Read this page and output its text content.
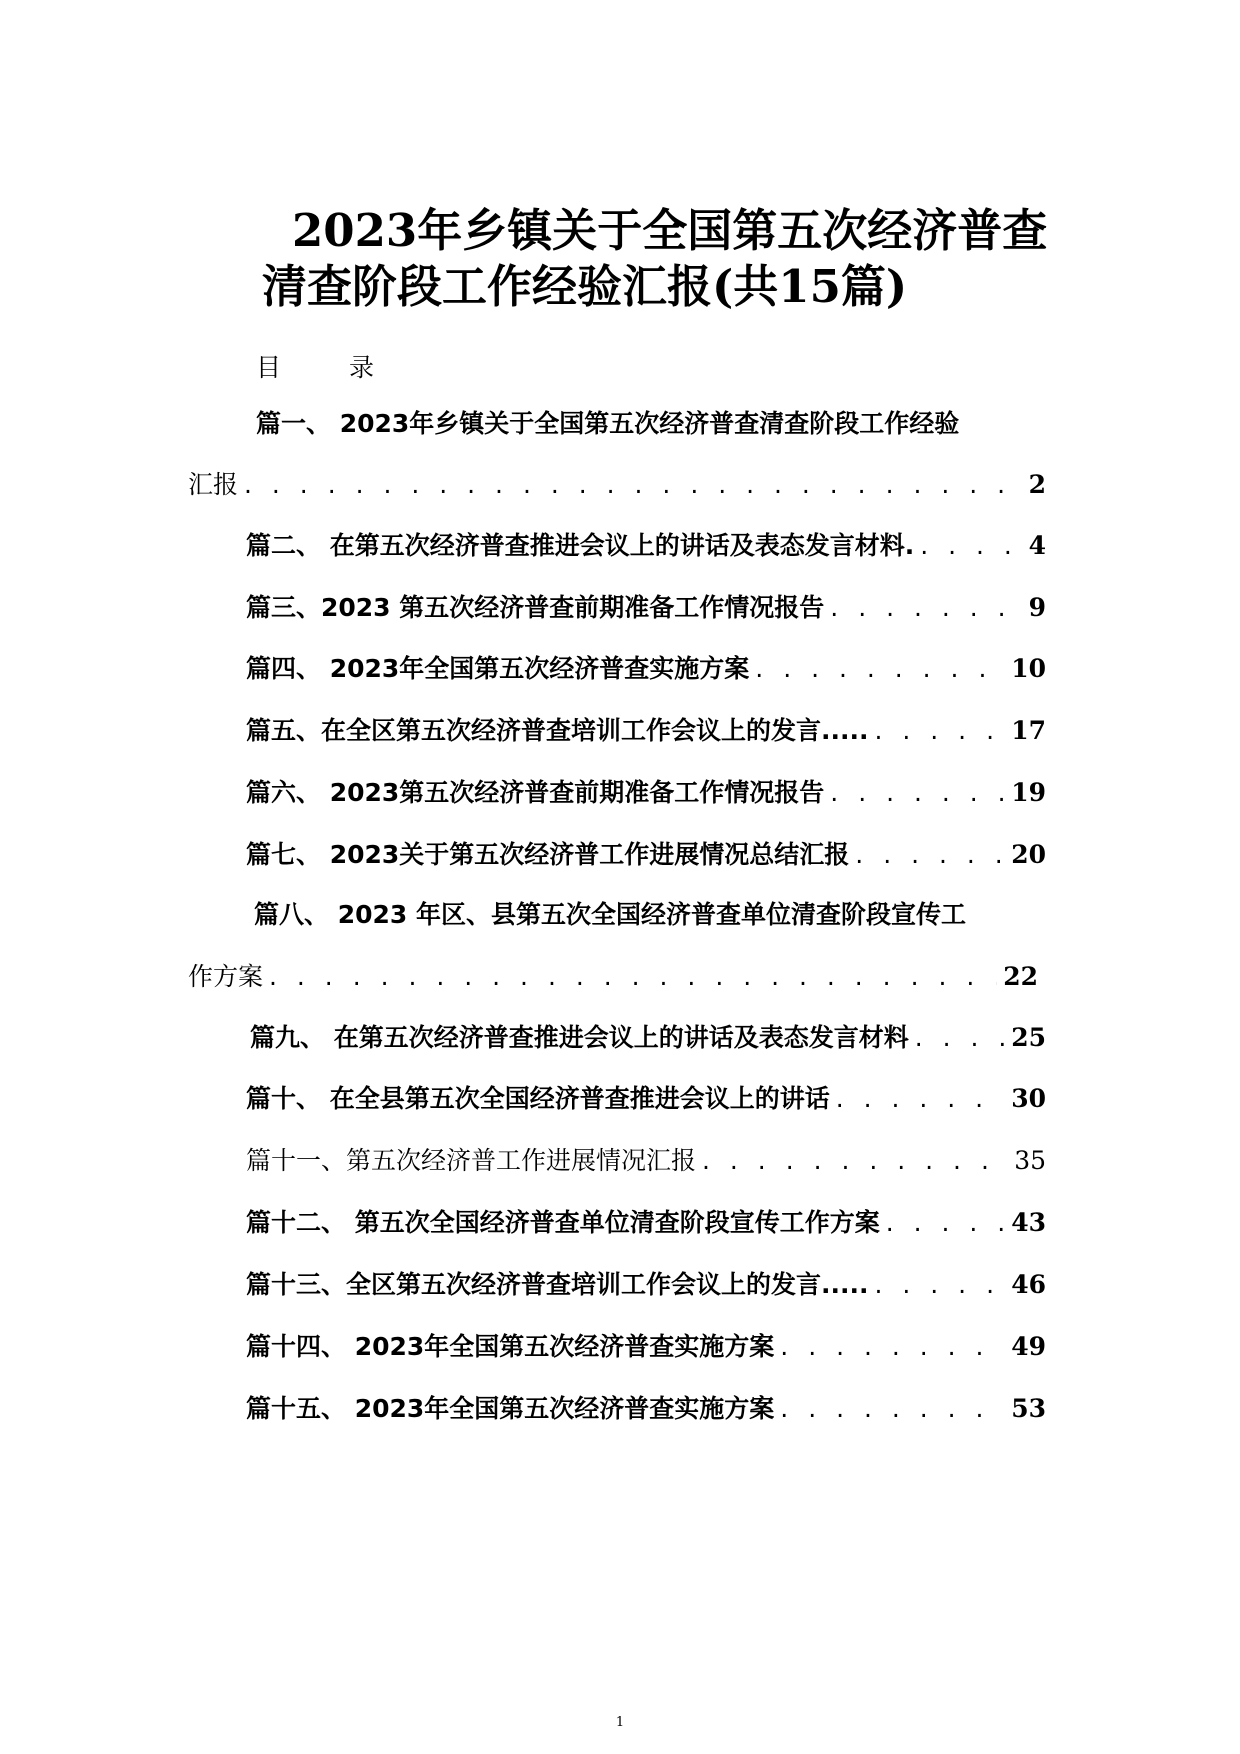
2023年乡镇关于全国第五次经济普查
清查阶段工作经验汇报(共15篇)
目 录
篇一、 2023年乡镇关于全国第五次经济普查清查阶段工作经验
汇报 . . .	2
篇二、 在第五次经济普查推进会议上的讲话及表态发言材料. . . .	4
篇三、2023 第五次经济普查前期准备工作情况报告 . . .	9
篇四、 2023年全国第五次经济普查实施方案 . . .	10
篇五、在全区第五次经济普查培训工作会议上的发言..... . . .	17
篇六、 2023第五次经济普查前期准备工作情况报告 . . .	19
篇七、 2023关于第五次经济普工作进展情况总结汇报 . . .	20
篇八、 2023 年区、县第五次全国经济普查单位清查阶段宣传工
作方案 . . .	22
篇九、 在第五次经济普查推进会议上的讲话及表态发言材料 . . .	25
篇十、 在全县第五次全国经济普查推进会议上的讲话 . . .	30
篇十一、第五次经济普工作进展情况汇报 . . .	35
篇十二、 第五次全国经济普查单位清查阶段宣传工作方案 . . .	43
篇十三、全区第五次经济普查培训工作会议上的发言..... . . .	46
篇十四、 2023年全国第五次经济普查实施方案 . . .	49
篇十五、 2023年全国第五次经济普查实施方案 . . .	53
1
